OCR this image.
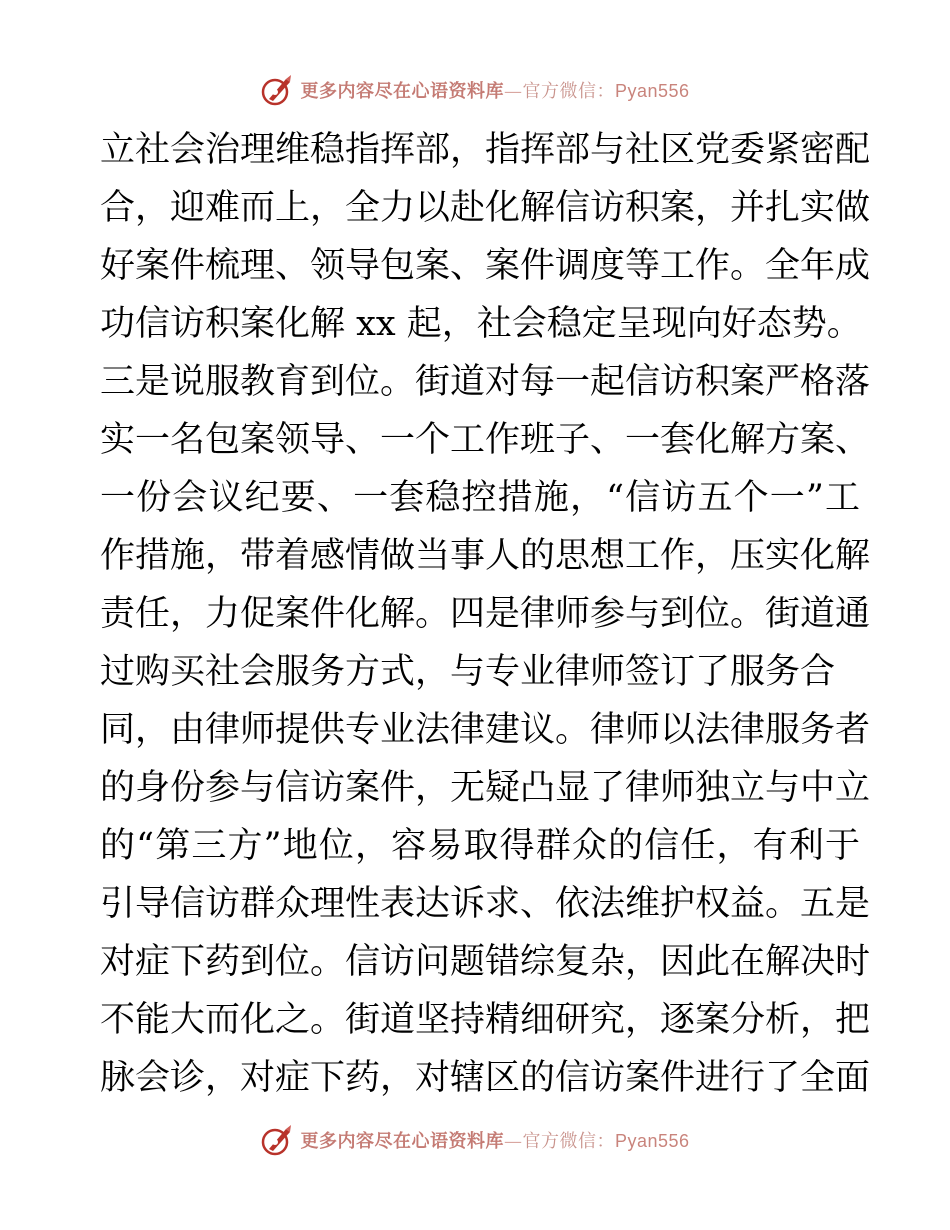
更多内容尽在心语资料库—官方微信：Pyan556
立社会治理维稳指挥部，指挥部与社区党委紧密配
合，迎难而上，全力以赴化解信访积案，并扎实做
好案件梳理、领导包案、案件调度等工作。全年成
功信访积案化解 xx 起，社会稳定呈现向好态势。
三是说服教育到位。街道对每一起信访积案严格落
实一名包案领导、一个工作班子、一套化解方案、
一份会议纪要、一套稳控措施，“信访五个一”工
作措施，带着感情做当事人的思想工作，压实化解
责任，力促案件化解。四是律师参与到位。街道通
过购买社会服务方式，与专业律师签订了服务合
同，由律师提供专业法律建议。律师以法律服务者
的身份参与信访案件，无疑凸显了律师独立与中立
的“第三方”地位，容易取得群众的信任，有利于
引导信访群众理性表达诉求、依法维护权益。五是
对症下药到位。信访问题错综复杂，因此在解决时
不能大而化之。街道坚持精细研究，逐案分析，把
脉会诊，对症下药，对辖区的信访案件进行了全面
更多内容尽在心语资料库—官方微信：Pyan556
